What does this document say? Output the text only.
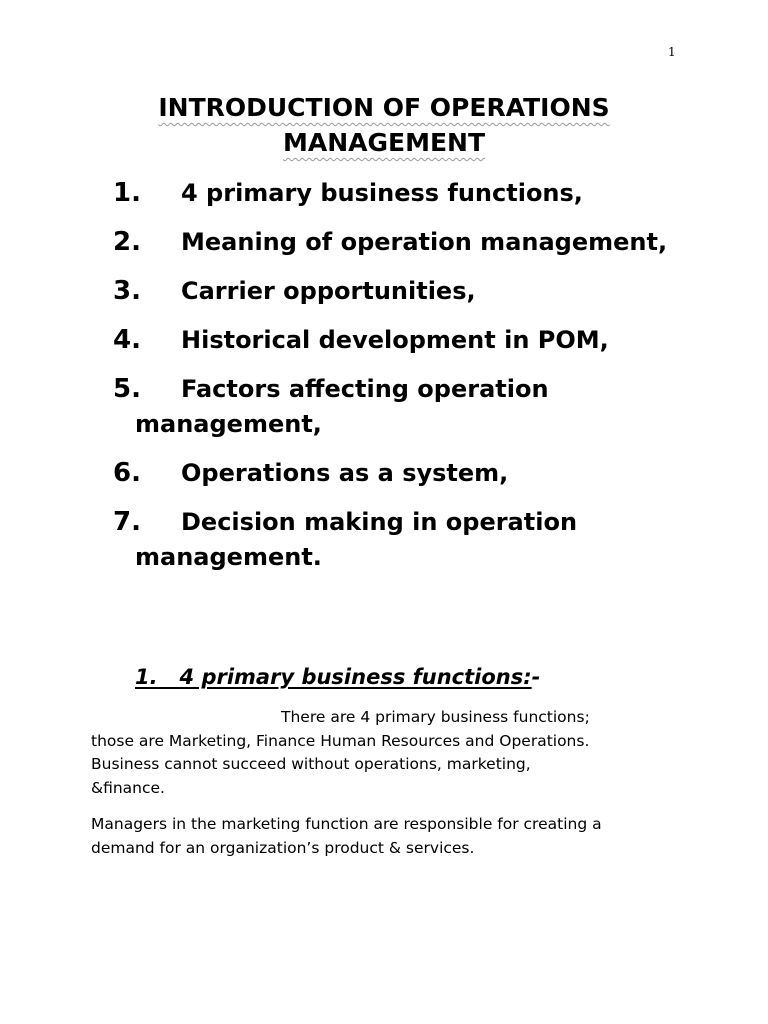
1
INTRODUCTION OF OPERATIONS
MANAGEMENT
1.	4 primary business functions,
2.	Meaning of operation management,
3.	Carrier opportunities,
4.	Historical development in POM,
5.	Factors affecting operation management,
6.	Operations as a system,
7.	Decision making in operation management.
1. 4 primary business functions:-

There are 4 primary business functions;
those are Marketing, Finance Human Resources and Operations.
Business cannot succeed without operations, marketing,
&finance.

Managers in the marketing function are responsible for creating a
demand for an organization’s product & services.
